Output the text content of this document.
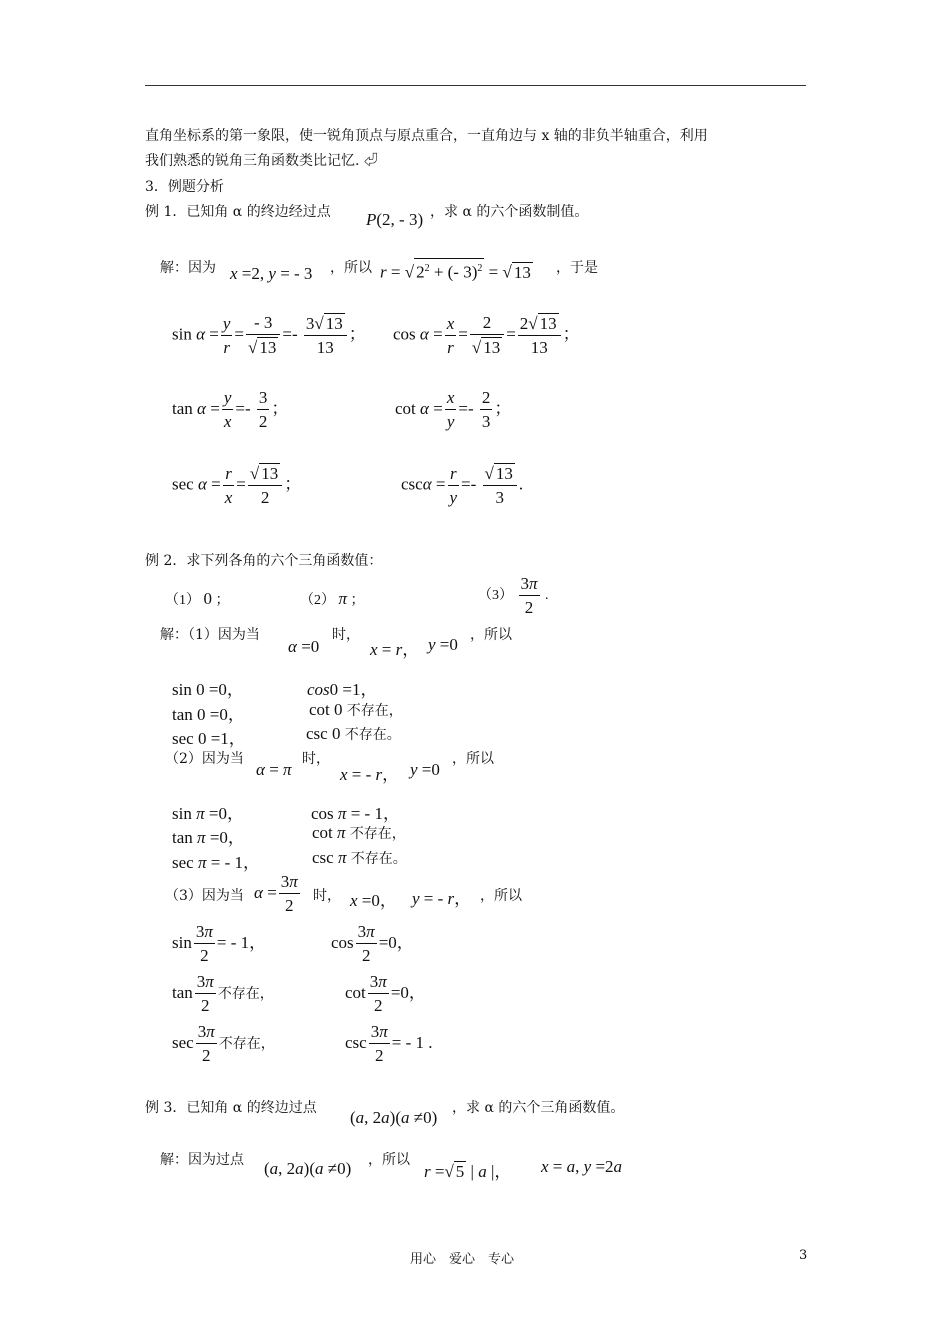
直角坐标系的第一象限，使一锐角顶点与原点重合，一直角边与 x 轴的非负半轴重合，利用
我们熟悉的锐角三角函数类比记忆. ⏎
3．例题分析
例 1．已知角 α 的终边经过点 P(2, - 3) ，求 α 的六个函数制值。
解：因为 x =2, y = - 3 ，所以 r = √ $2^2$ + (- 3)$^2$ = √ 13 ，于是
$\sin \alpha = \frac{y}{r} = \frac{- 3}{√ 13} =- \frac{3√ 13}{13}$ ； $\cos \alpha = \frac{x}{r} = \frac{2}{√ 13} = \frac{2√ 13}{13}$ ；
$\tan \alpha = \frac{y}{x} =- \frac{3}{2}$ ；	$\cot \alpha = \frac{x}{y} =- \frac{2}{3}$ ；
$\sec \alpha = \frac{r}{x} = \frac{√ 13}{2}$ ；	$\csc\alpha = \frac{r}{y} =- \frac{√ 13}{3}$ .
例 2．求下列各角的六个三角函数值：
（1） 0 ；	（2） π ；	$(3) \frac{3\pi}{2}$ .
解：（1）因为当
α =0
时，
x = r， y =0 ，所以
sin 0 =0，	cos0 =1，
tan 0 =0，	cot 0 不存在，
sec 0 =1，	csc 0 不存在。
（2）因为当
α = π
时，
x = - r， y =0
，所以
sin π =0，	cos π = - 1，
tan π =0，	cot π 不存在，
sec π = - 1，	csc π 不存在。
（3）因为当 $\alpha = \frac{3\pi}{2}$ 时， x =0， y = - r， ，所以
$\sin \frac{3\pi}{2}$ = - 1，	$\cos \frac{3\pi}{2} =0$，
$\tan \frac{3\pi}{2}$ 不存在，	$\cot \frac{3\pi}{2} =0$，
$\sec \frac{3\pi}{2}$ 不存在，	$\csc \frac{3\pi}{2}$ = - 1 .
例 3．已知角 α 的终边过点 (a, 2a)(a ≠0) ，求 α 的六个三角函数值。
解：因为过点 (a, 2a)(a ≠0) ，所以
r =√ 5 | a |， x = a, y =2a
用心　爱心　专心	3
